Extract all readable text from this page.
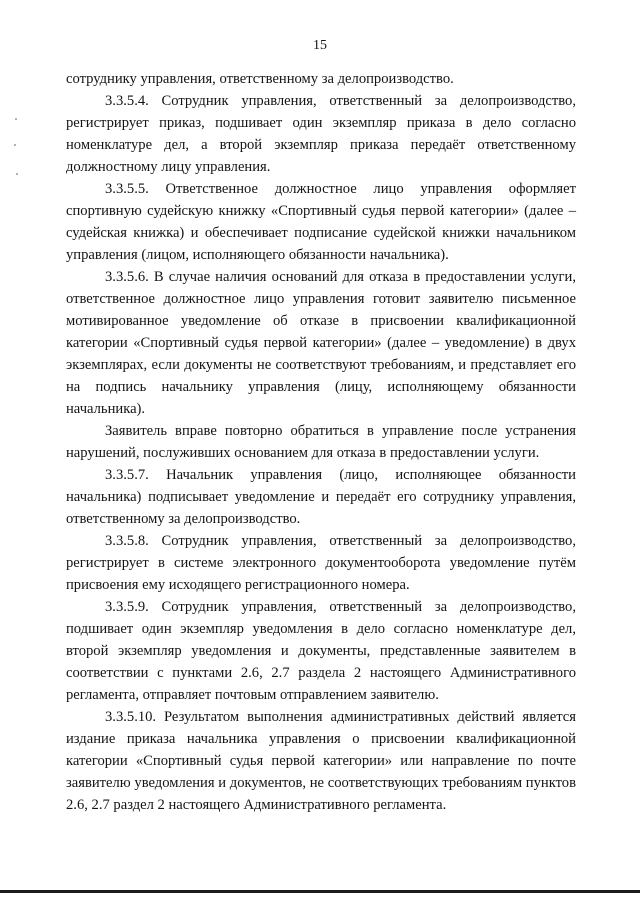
15

сотруднику управления, ответственному за делопроизводство.

3.3.5.4. Сотрудник управления, ответственный за делопроизводство, регистрирует приказ, подшивает один экземпляр приказа в дело согласно номенклатуре дел, а второй экземпляр приказа передаёт ответственному должностному лицу управления.

3.3.5.5. Ответственное должностное лицо управления оформляет спортивную судейскую книжку «Спортивный судья первой категории» (далее – судейская книжка) и обеспечивает подписание судейской книжки начальником управления (лицом, исполняющего обязанности начальника).

3.3.5.6. В случае наличия оснований для отказа в предоставлении услуги, ответственное должностное лицо управления готовит заявителю письменное мотивированное уведомление об отказе в присвоении квалификационной категории «Спортивный судья первой категории» (далее – уведомление) в двух экземплярах, если документы не соответствуют требованиям, и представляет его на подпись начальнику управления (лицу, исполняющему обязанности начальника).

Заявитель вправе повторно обратиться в управление после устранения нарушений, послуживших основанием для отказа в предоставлении услуги.

3.3.5.7. Начальник управления (лицо, исполняющее обязанности начальника) подписывает уведомление и передаёт его сотруднику управления, ответственному за делопроизводство.

3.3.5.8. Сотрудник управления, ответственный за делопроизводство, регистрирует в системе электронного документооборота уведомление путём присвоения ему исходящего регистрационного номера.

3.3.5.9. Сотрудник управления, ответственный за делопроизводство, подшивает один экземпляр уведомления в дело согласно номенклатуре дел, второй экземпляр уведомления и документы, представленные заявителем в соответствии с пунктами 2.6, 2.7 раздела 2 настоящего Административного регламента, отправляет почтовым отправлением заявителю.

3.3.5.10. Результатом выполнения административных действий является издание приказа начальника управления о присвоении квалификационной категории «Спортивный судья первой категории» или направление по почте заявителю уведомления и документов, не соответствующих требованиям пунктов 2.6, 2.7 раздел 2 настоящего Административного регламента.
